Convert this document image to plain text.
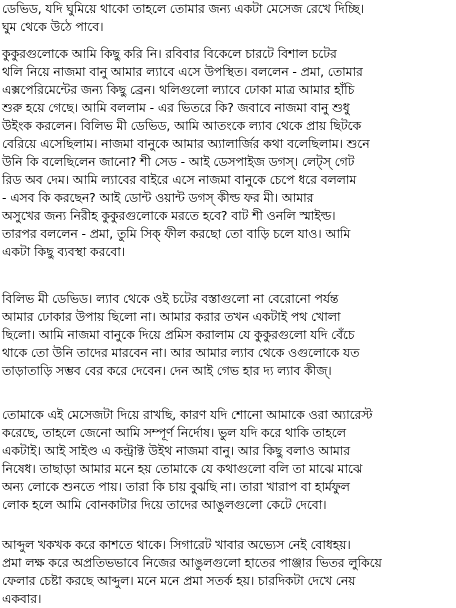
ডেভিড, যদি ঘুমিয়ে থাকো তাহলে তোমার জন্য একটা মেসেজ রেখে দিচ্ছি।
ঘুম থেকে উঠে পাবে।
কুকুরগুলোকে আমি কিছু করি নি। রবিবার বিকেলে চারটে বিশাল চটের
থলি নিয়ে নাজমা বানু আমার ল্যাবে এসে উপস্থিত। বললেন - প্রমা, তোমার
এক্সপেরিমেন্টের জন্য কিছু ব্রেন। থলিগুলো ল্যাবে ঢোকা মাত্র আমার হাঁচি
শুরু হয়ে গেছে। আমি বললাম - এর ভিতরে কি? জবাবে নাজমা বানু শুধু
উইংক করলেন। বিলিভ মী ডেভিড, আমি আতংকে ল্যাব থেকে প্রায় ছিটকে
বেরিয়ে এসেছিলাম। নাজমা বানুকে আমার অ্যালার্জির কথা বলেছিলাম। শুনে
উনি কি বলেছিলেন জানো? শী সেড - আই ডেসপাইজ ডগস্। লেট্স্ গেট
রিড অব দেম। আমি ল্যাবের বাইরে এসে নাজমা বানুকে চেপে ধরে বললাম
- এসব কি করছেন? আই ডোন্ট ওয়ান্ট ডগস্ কীল্ড ফর মী। আমার
অসুখের জন্য নিরীহ কুকুরগুলোকে মরতে হবে? বাট শী ওনলি স্মাইল্ড।
তারপর বললেন - প্রমা, তুমি সিক্ ফীল করছো তো বাড়ি চলে যাও। আমি
একটা কিছু ব্যবস্থা করবো।
বিলিভ মী ডেভিড। ল্যাব থেকে ওই চটের বস্তাগুলো না বেরোনো পর্যন্ত
আমার ঢোকার উপায় ছিলো না। আমার করার তখন একটাই পথ খোলা
ছিলো। আমি নাজমা বানুকে দিয়ে প্রমিস করালাম যে কুকুরগুলো যদি বেঁচে
থাকে তো উনি তাদের মারবেন না। আর আমার ল্যাব থেকে ওগুলোকে যত
তাড়াতাড়ি সম্ভব বের করে দেবেন। দেন আই গেভ হার দ্য ল্যাব কীজ্।
তোমাকে এই মেসেজটা দিয়ে রাখছি, কারণ যদি শোনো আমাকে ওরা অ্যারেস্ট
করেছে, তাহলে জেনো আমি সম্পূর্ণ নির্দোষ। ভুল যদি করে থাকি তাহলে
একটাই। আই সাইণ্ড এ কন্ট্রাক্ট উইথ নাজমা বানু। আর কিছু বলাও আমার
নিষেধ। তাছাড়া আমার মনে হয় তোমাকে যে কথাগুলো বলি তা মাঝে মাঝে
অন্য লোকে শুনতে পায়। তারা কি চায় বুঝছি না। তারা খারাপ বা হার্মফুল
লোক হলে আমি বোনকাটার দিয়ে তাদের আঙুলগুলো কেটে দেবো।
আব্দুল খকখক করে কাশতে থাকে। সিগারেট খাবার অভ্যেস নেই বোধহয়।
প্রমা লক্ষ করে অপ্রতিভভাবে নিজের আঙুলগুলো হাতের পাঞ্জার ভিতর লুকিয়ে
ফেলার চেষ্টা করছে আব্দুল। মনে মনে প্রমা সতর্ক হয়। চারদিকটা দেখে নেয়
একবার।
